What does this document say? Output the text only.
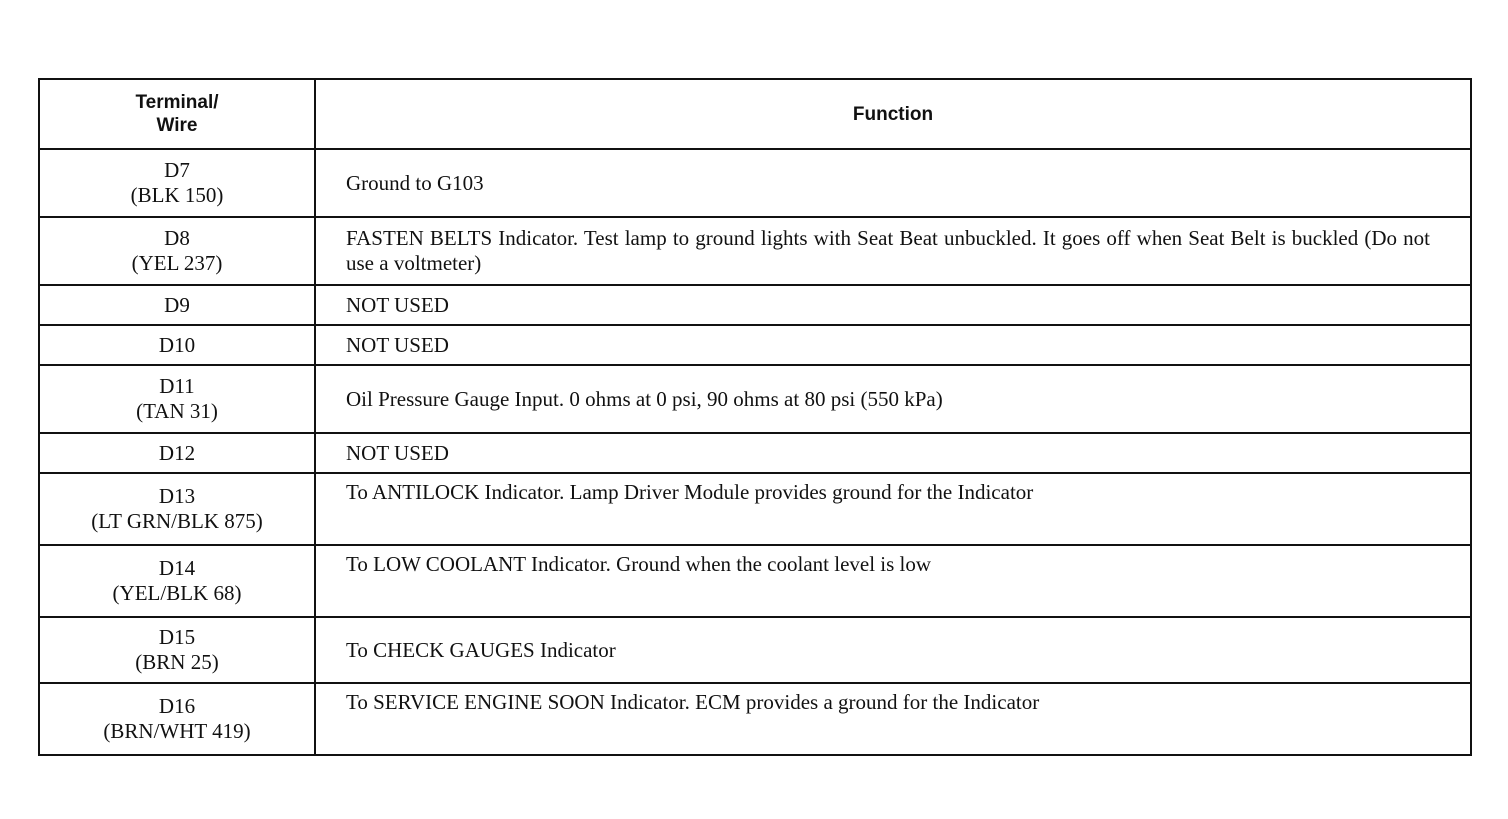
Terminal/
Wire	Function

D7
(BLK 150)	Ground to G103

D8
(YEL 237)	FASTEN BELTS Indicator. Test lamp to ground lights with Seat Beat unbuckled. It goes off when Seat Belt is buckled (Do not use a voltmeter)

D9	NOT USED

D10	NOT USED

D11
(TAN 31)	Oil Pressure Gauge Input. 0 ohms at 0 psi, 90 ohms at 80 psi (550 kPa)

D12	NOT USED

D13
(LT GRN/BLK 875)	To ANTILOCK Indicator. Lamp Driver Module provides ground for the Indicator

D14
(YEL/BLK 68)	To LOW COOLANT Indicator. Ground when the coolant level is low

D15
(BRN 25)	To CHECK GAUGES Indicator

D16
(BRN/WHT 419)	To SERVICE ENGINE SOON Indicator. ECM provides a ground for the Indicator
